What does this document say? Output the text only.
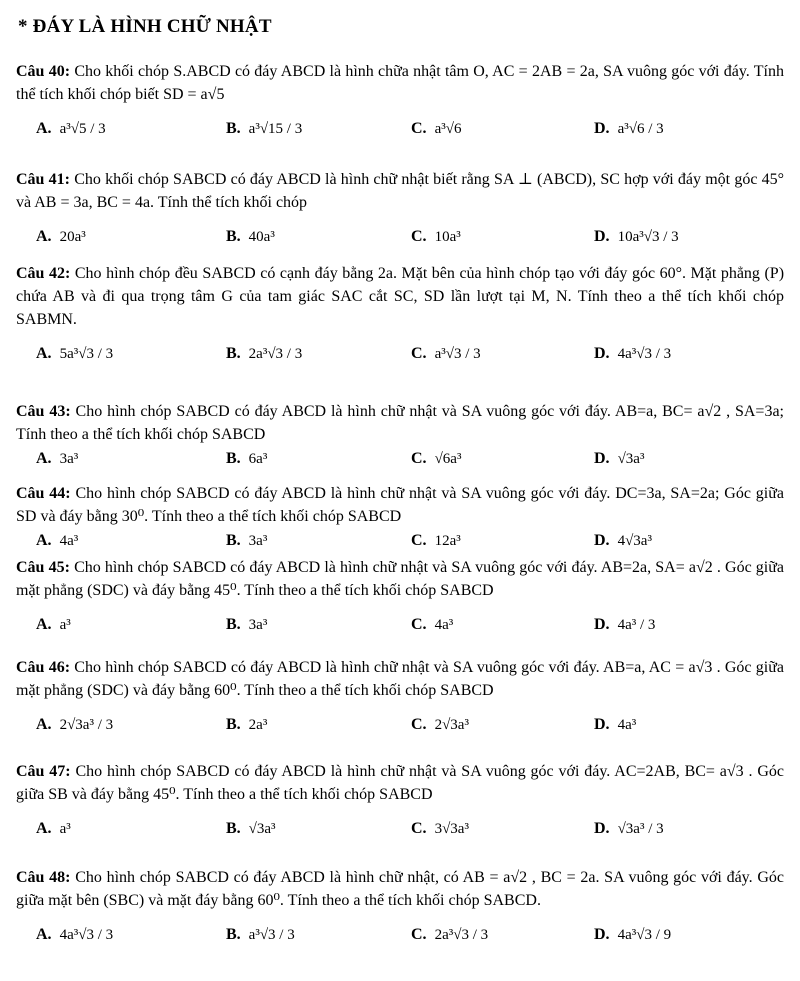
* ĐÁY LÀ HÌNH CHỮ NHẬT
Câu 40: Cho khối chóp S.ABCD có đáy ABCD là hình chữa nhật tâm O, AC = 2AB = 2a, SA vuông góc với đáy. Tính thể tích khối chóp biết SD = a√5
A. a³√5 / 3	B. a³√15 / 3	C. a³√6	D. a³√6 / 3
Câu 41: Cho khối chóp SABCD có đáy ABCD là hình chữ nhật biết rằng SA ⊥ (ABCD), SC hợp với đáy một góc 45° và AB = 3a, BC = 4a. Tính thể tích khối chóp
A. 20a³	B. 40a³	C. 10a³	D. 10a³√3 / 3
Câu 42: Cho hình chóp đều SABCD có cạnh đáy bằng 2a. Mặt bên của hình chóp tạo với đáy góc 60°. Mặt phẳng (P) chứa AB và đi qua trọng tâm G của tam giác SAC cắt SC, SD lần lượt tại M, N. Tính theo a thể tích khối chóp SABMN.
A. 5a³√3 / 3	B. 2a³√3 / 3	C. a³√3 / 3	D. 4a³√3 / 3
Câu 43: Cho hình chóp SABCD có đáy ABCD là hình chữ nhật và SA vuông góc với đáy. AB=a, BC= a√2 , SA=3a; Tính theo a thể tích khối chóp SABCD
A. 3a³	B. 6a³	C. √6a³	D. √3a³
Câu 44: Cho hình chóp SABCD có đáy ABCD là hình chữ nhật và SA vuông góc với đáy. DC=3a, SA=2a; Góc giữa SD và đáy bằng 30⁰. Tính theo a thể tích khối chóp SABCD
A. 4a³	B. 3a³	C. 12a³	D. 4√3a³
Câu 45: Cho hình chóp SABCD có đáy ABCD là hình chữ nhật và SA vuông góc với đáy. AB=2a, SA= a√2 . Góc giữa mặt phẳng (SDC) và đáy bằng 45⁰. Tính theo a thể tích khối chóp SABCD
A. a³	B. 3a³	C. 4a³	D. 4a³ / 3
Câu 46: Cho hình chóp SABCD có đáy ABCD là hình chữ nhật và SA vuông góc với đáy. AB=a, AC = a√3 . Góc giữa mặt phẳng (SDC) và đáy bằng 60⁰. Tính theo a thể tích khối chóp SABCD
A. 2√3a³ / 3	B. 2a³	C. 2√3a³	D. 4a³
Câu 47: Cho hình chóp SABCD có đáy ABCD là hình chữ nhật và SA vuông góc với đáy. AC=2AB, BC= a√3 . Góc giữa SB và đáy bằng 45⁰. Tính theo a thể tích khối chóp SABCD
A. a³	B. √3a³	C. 3√3a³	D. √3a³ / 3
Câu 48: Cho hình chóp SABCD có đáy ABCD là hình chữ nhật, có AB = a√2 , BC = 2a. SA vuông góc với đáy. Góc giữa mặt bên (SBC) và mặt đáy bằng 60⁰. Tính theo a thể tích khối chóp SABCD.
A. 4a³√3 / 3	B. a³√3 / 3	C. 2a³√3 / 3	D. 4a³√3 / 9
